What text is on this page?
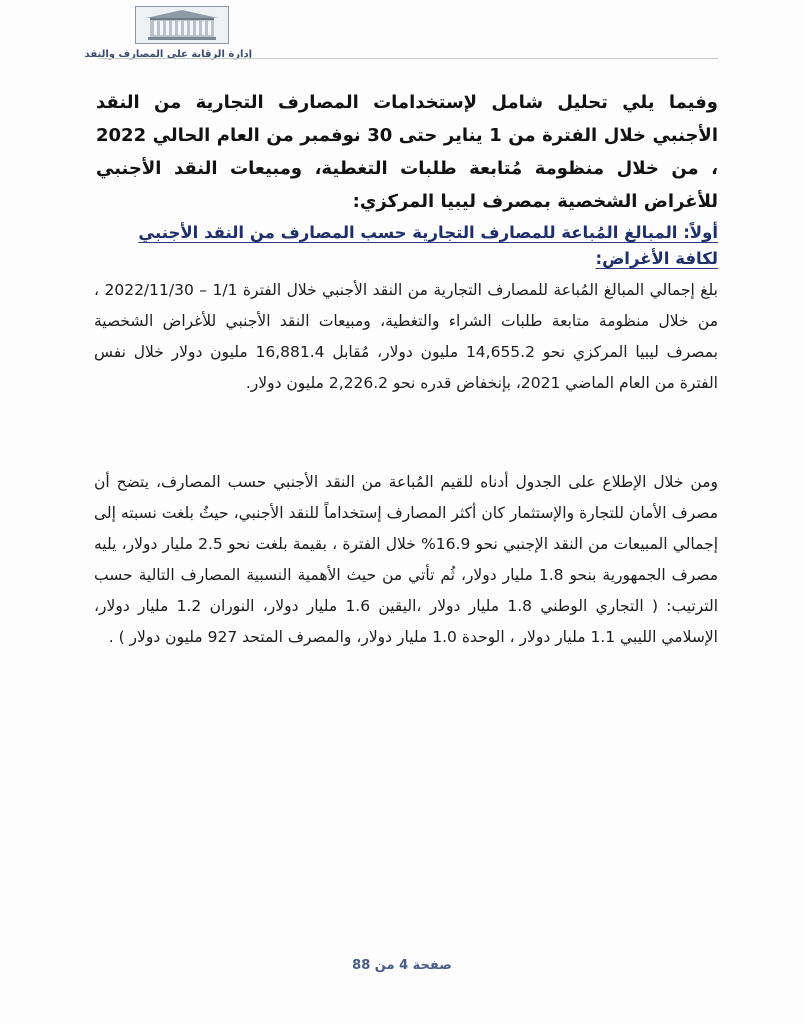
إدارة الرقابة على المصارف والنقد
وفيما يلي تحليل شامل لإستخدامات المصارف التجارية من النقد الأجنبي خلال الفترة من 1 يناير حتى 30 نوفمبر من العام الحالي 2022 ، من خلال منظومة مُتابعة طلبات التغطية، ومبيعات النقد الأجنبي للأغراض الشخصية بمصرف ليبيا المركزي:
أولاً: المبالغ المُباعة للمصارف التجارية حسب المصارف من النقد الأجنبي لكافة الأغراض:
بلغ إجمالي المبالغ المُباعة للمصارف التجارية من النقد الأجنبي خلال الفترة 1/1 – 2022/11/30 ، من خلال منظومة متابعة طلبات الشراء والتغطية، ومبيعات النقد الأجنبي للأغراض الشخصية بمصرف ليبيا المركزي نحو 14,655.2 مليون دولار، مُقابل 16,881.4 مليون دولار خلال نفس الفترة من العام الماضي 2021، بإنخفاض قدره نحو 2,226.2 مليون دولار.
ومن خلال الإطلاع على الجدول أدناه للقيم المُباعة من النقد الأجنبي حسب المصارف، يتضح أن مصرف الأمان للتجارة والإستثمار كان أكثر المصارف إستخداماً للنقد الأجنبي، حيثُ بلغت نسبته إلى إجمالي المبيعات من النقد الإجنبي نحو 16.9% خلال الفترة ، بقيمة بلغت نحو 2.5 مليار دولار، يليه مصرف الجمهورية بنحو 1.8 مليار دولار، ثُم تأتي من حيث الأهمية النسبية المصارف التالية حسب الترتيب: ( التجاري الوطني 1.8 مليار دولار ،اليقين 1.6 مليار دولار، النوران 1.2 مليار دولار، الإسلامي الليبي 1.1 مليار دولار ، الوحدة 1.0 مليار دولار، والمصرف المتحد 927 مليون دولار ) .
صفحة 4 من 88
